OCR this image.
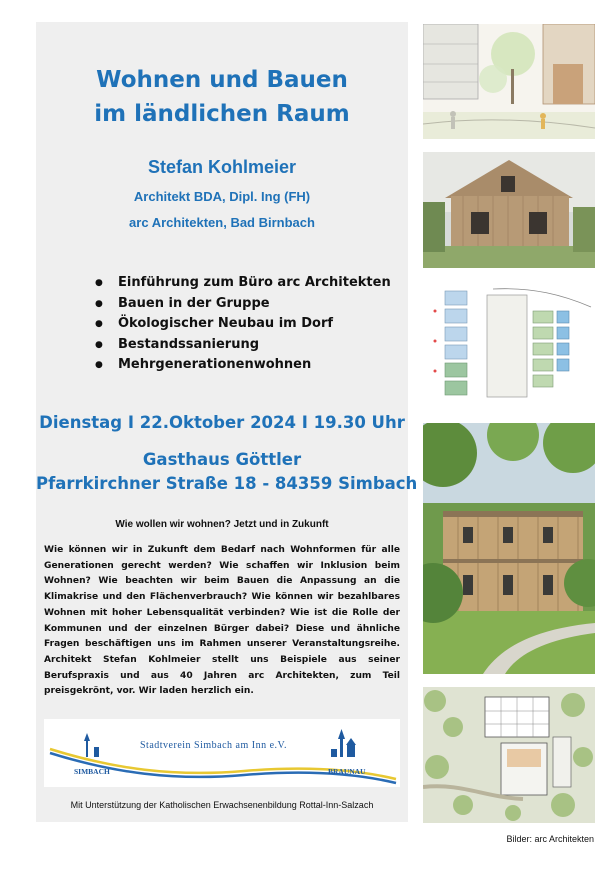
Wohnen und Bauen
im ländlichen Raum
Stefan Kohlmeier
Architekt BDA, Dipl. Ing (FH)
arc Architekten, Bad Birnbach
● Einführung zum Büro arc Architekten
● Bauen in der Gruppe
● Ökologischer Neubau im Dorf
● Bestandssanierung
● Mehrgenerationenwohnen
Dienstag I 22.Oktober 2024 I 19.30 Uhr
Gasthaus Göttler
Pfarrkirchner Straße 18 - 84359 Simbach
Wie wollen wir wohnen? Jetzt und in Zukunft
Wie können wir in Zukunft dem Bedarf nach Wohnformen für alle Generationen gerecht werden? Wie schaffen wir Inklusion beim Wohnen? Wie beachten wir beim Bauen die Anpassung an die Klimakrise und den Flächenverbrauch? Wie können wir bezahlbares Wohnen mit hoher Lebensqualität verbinden? Wie ist die Rolle der Kommunen und der einzelnen Bürger dabei? Diese und ähnliche Fragen beschäftigen uns im Rahmen unserer Veranstaltungsreihe. Architekt Stefan Kohlmeier stellt uns Beispiele aus seiner Berufspraxis und aus 40 Jahren arc Architekten, zum Teil preisgekrönt, vor. Wir laden herzlich ein.
Stadtverein Simbach am Inn e.V.
SIMBACH	BRAUNAU
Mit Unterstützung der Katholischen Erwachsenenbildung Rottal-Inn-Salzach
Bilder: arc Architekten
